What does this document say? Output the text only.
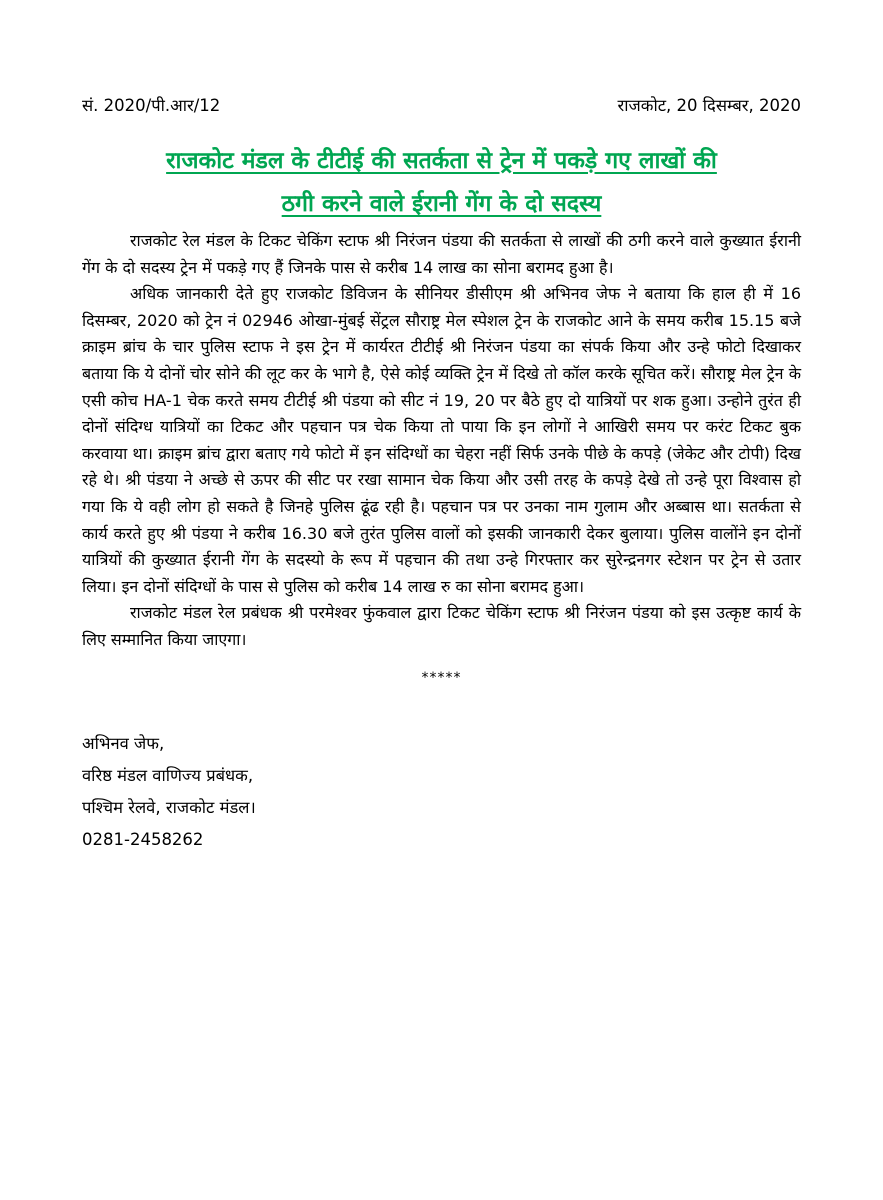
सं. 2020/पी.आर/12	राजकोट, 20 दिसम्बर, 2020
राजकोट मंडल के टीटीई की सतर्कता से ट्रेन में पकड़े गए लाखों की
ठगी करने वाले ईरानी गेंग के दो सदस्य

राजकोट रेल मंडल के टिकट चेकिंग स्टाफ श्री निरंजन पंडया की सतर्कता से लाखों की ठगी करने वाले कुख्यात ईरानी गेंग के दो सदस्य ट्रेन में पकड़े गए हैं जिनके पास से करीब 14 लाख का सोना बरामद हुआ है।

अधिक जानकारी देते हुए राजकोट डिविजन के सीनियर डीसीएम श्री अभिनव जेफ ने बताया कि हाल ही में 16 दिसम्बर, 2020 को ट्रेन नं 02946 ओखा-मुंबई सेंट्रल सौराष्ट्र मेल स्पेशल ट्रेन के राजकोट आने के समय करीब 15.15 बजे क्राइम ब्रांच के चार पुलिस स्टाफ ने इस ट्रेन में कार्यरत टीटीई श्री निरंजन पंडया का संपर्क किया और उन्हे फोटो दिखाकर बताया कि ये दोनों चोर सोने की लूट कर के भागे है, ऐसे कोई व्यक्ति ट्रेन में दिखे तो कॉल करके सूचित करें। सौराष्ट्र मेल ट्रेन के एसी कोच HA-1 चेक करते समय टीटीई श्री पंडया को सीट नं 19, 20 पर बैठे हुए दो यात्रियों पर शक हुआ। उन्होने तुरंत ही दोनों संदिग्ध यात्रियों का टिकट और पहचान पत्र चेक किया तो पाया कि इन लोगों ने आखिरी समय पर करंट टिकट बुक करवाया था। क्राइम ब्रांच द्वारा बताए गये फोटो में इन संदिग्धों का चेहरा नहीं सिर्फ उनके पीछे के कपड़े (जेकेट और टोपी) दिख रहे थे। श्री पंडया ने अच्छे से ऊपर की सीट पर रखा सामान चेक किया और उसी तरह के कपड़े देखे तो उन्हे पूरा विश्वास हो गया कि ये वही लोग हो सकते है जिनहे पुलिस ढूंढ रही है। पहचान पत्र पर उनका नाम गुलाम और अब्बास था। सतर्कता से कार्य करते हुए श्री पंडया ने करीब 16.30 बजे तुरंत पुलिस वालों को इसकी जानकारी देकर बुलाया। पुलिस वालोंने इन दोनों यात्रियों की कुख्यात ईरानी गेंग के सदस्यो के रूप में पहचान की तथा उन्हे गिरफ्तार कर सुरेन्द्रनगर स्टेशन पर ट्रेन से उतार लिया। इन दोनों संदिग्धों के पास से पुलिस को करीब 14 लाख रु का सोना बरामद हुआ।

राजकोट मंडल रेल प्रबंधक श्री परमेश्वर फुंकवाल द्वारा टिकट चेकिंग स्टाफ श्री निरंजन पंडया को इस उत्कृष्ट कार्य के लिए सम्मानित किया जाएगा।

*****
अभिनव जेफ,
वरिष्ठ मंडल वाणिज्य प्रबंधक,
पश्चिम रेलवे, राजकोट मंडल।
0281-2458262
